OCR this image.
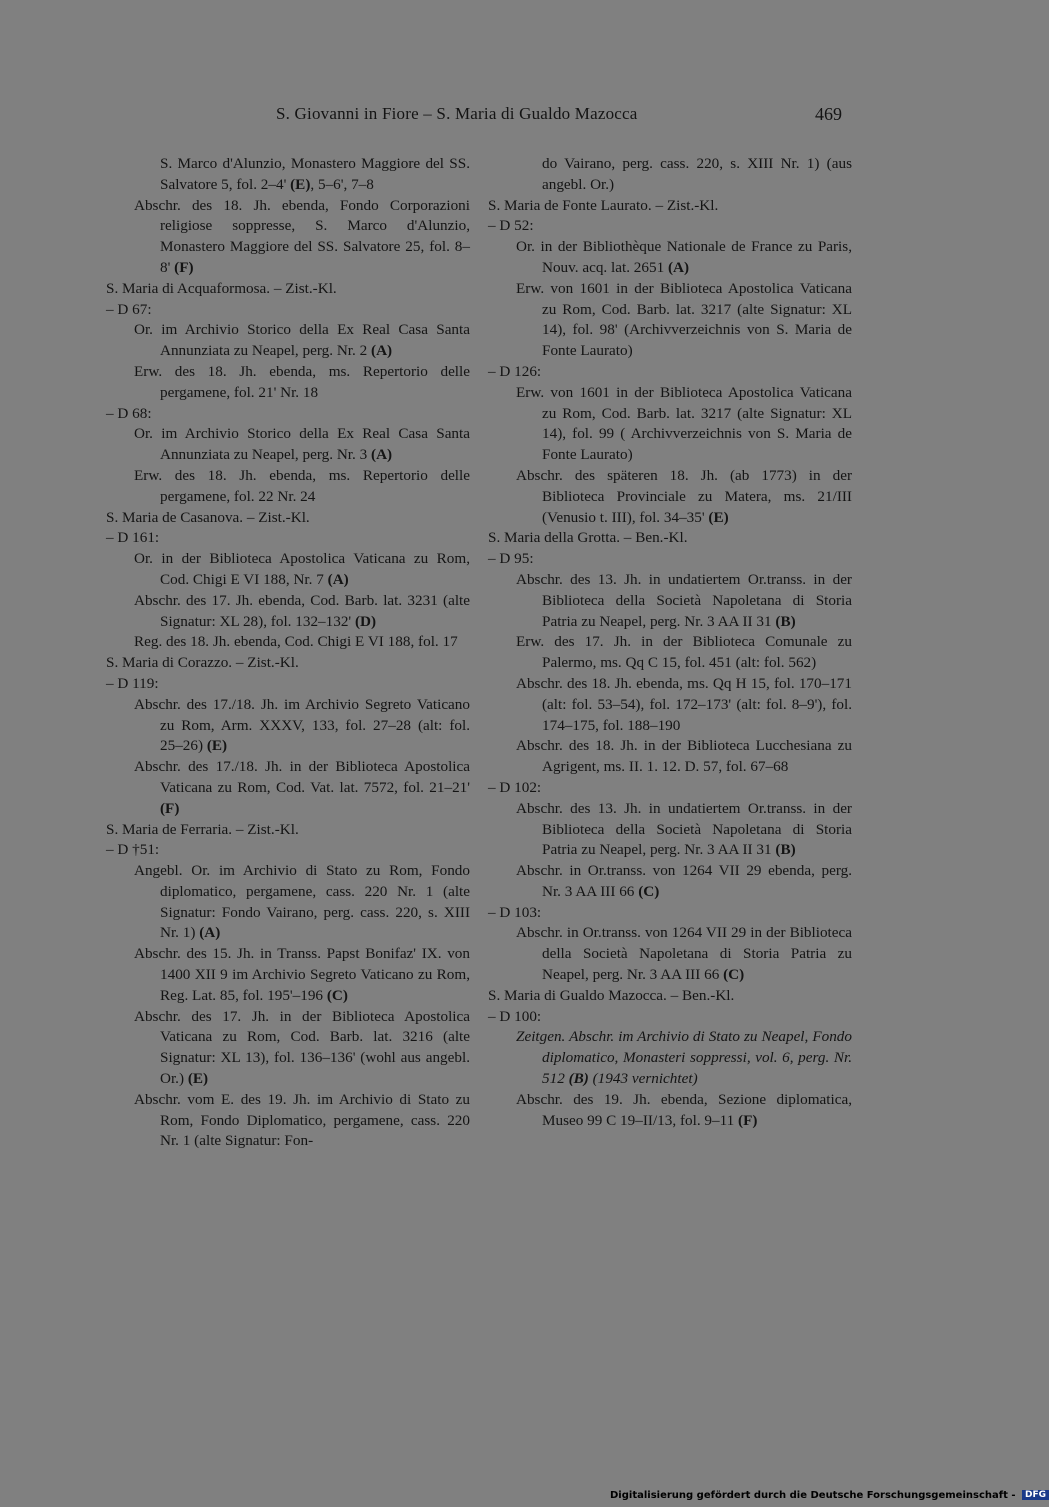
S. Giovanni in Fiore – S. Maria di Gualdo Mazocca	469

S. Marco d'Alunzio, Monastero Maggiore del SS. Salvatore 5, fol. 2–4' (E), 5–6', 7–8

Abschr. des 18. Jh. ebenda, Fondo Corporazioni religiose soppresse, S. Marco d'Alunzio, Monastero Maggiore del SS. Salvatore 25, fol. 8–8' (F)

S. Maria di Acquaformosa. – Zist.-Kl.

– D 67:

Or. im Archivio Storico della Ex Real Casa Santa Annunziata zu Neapel, perg. Nr. 2 (A)

Erw. des 18. Jh. ebenda, ms. Repertorio delle pergamene, fol. 21' Nr. 18

– D 68:

Or. im Archivio Storico della Ex Real Casa Santa Annunziata zu Neapel, perg. Nr. 3 (A)

Erw. des 18. Jh. ebenda, ms. Repertorio delle pergamene, fol. 22 Nr. 24

S. Maria de Casanova. – Zist.-Kl.

– D 161:

Or. in der Biblioteca Apostolica Vaticana zu Rom, Cod. Chigi E VI 188, Nr. 7 (A)

Abschr. des 17. Jh. ebenda, Cod. Barb. lat. 3231 (alte Signatur: XL 28), fol. 132–132' (D)

Reg. des 18. Jh. ebenda, Cod. Chigi E VI 188, fol. 17

S. Maria di Corazzo. – Zist.-Kl.

– D 119:

Abschr. des 17./18. Jh. im Archivio Segreto Vaticano zu Rom, Arm. XXXV, 133, fol. 27–28 (alt: fol. 25–26) (E)

Abschr. des 17./18. Jh. in der Biblioteca Apostolica Vaticana zu Rom, Cod. Vat. lat. 7572, fol. 21–21' (F)

S. Maria de Ferraria. – Zist.-Kl.

– D †51:

Angebl. Or. im Archivio di Stato zu Rom, Fondo diplomatico, pergamene, cass. 220 Nr. 1 (alte Signatur: Fondo Vairano, perg. cass. 220, s. XIII Nr. 1) (A)

Abschr. des 15. Jh. in Transs. Papst Bonifaz' IX. von 1400 XII 9 im Archivio Segreto Vaticano zu Rom, Reg. Lat. 85, fol. 195'–196 (C)

Abschr. des 17. Jh. in der Biblioteca Apostolica Vaticana zu Rom, Cod. Barb. lat. 3216 (alte Signatur: XL 13), fol. 136–136' (wohl aus angebl. Or.) (E)

Abschr. vom E. des 19. Jh. im Archivio di Stato zu Rom, Fondo Diplomatico, pergamene, cass. 220 Nr. 1 (alte Signatur: Fon-

do Vairano, perg. cass. 220, s. XIII Nr. 1) (aus angebl. Or.)

S. Maria de Fonte Laurato. – Zist.-Kl.

– D 52:

Or. in der Bibliothèque Nationale de France zu Paris, Nouv. acq. lat. 2651 (A)

Erw. von 1601 in der Biblioteca Apostolica Vaticana zu Rom, Cod. Barb. lat. 3217 (alte Signatur: XL 14), fol. 98' (Archivverzeichnis von S. Maria de Fonte Laurato)

– D 126:

Erw. von 1601 in der Biblioteca Apostolica Vaticana zu Rom, Cod. Barb. lat. 3217 (alte Signatur: XL 14), fol. 99 ( Archivverzeichnis von S. Maria de Fonte Laurato)

Abschr. des späteren 18. Jh. (ab 1773) in der Biblioteca Provinciale zu Matera, ms. 21/III (Venusio t. III), fol. 34–35' (E)

S. Maria della Grotta. – Ben.-Kl.

– D 95:

Abschr. des 13. Jh. in undatiertem Or.transs. in der Biblioteca della Società Napoletana di Storia Patria zu Neapel, perg. Nr. 3 AA II 31 (B)

Erw. des 17. Jh. in der Biblioteca Comunale zu Palermo, ms. Qq C 15, fol. 451 (alt: fol. 562)

Abschr. des 18. Jh. ebenda, ms. Qq H 15, fol. 170–171 (alt: fol. 53–54), fol. 172–173' (alt: fol. 8–9'), fol. 174–175, fol. 188–190

Abschr. des 18. Jh. in der Biblioteca Lucchesiana zu Agrigent, ms. II. 1. 12. D. 57, fol. 67–68

– D 102:

Abschr. des 13. Jh. in undatiertem Or.transs. in der Biblioteca della Società Napoletana di Storia Patria zu Neapel, perg. Nr. 3 AA II 31 (B)

Abschr. in Or.transs. von 1264 VII 29 ebenda, perg. Nr. 3 AA III 66 (C)

– D 103:

Abschr. in Or.transs. von 1264 VII 29 in der Biblioteca della Società Napoletana di Storia Patria zu Neapel, perg. Nr. 3 AA III 66 (C)

S. Maria di Gualdo Mazocca. – Ben.-Kl.

– D 100:

Zeitgen. Abschr. im Archivio di Stato zu Neapel, Fondo diplomatico, Monasteri soppressi, vol. 6, perg. Nr. 512 (B) (1943 vernichtet)

Abschr. des 19. Jh. ebenda, Sezione diplomatica, Museo 99 C 19–II/13, fol. 9–11 (F)

Digitalisierung gefördert durch die Deutsche Forschungsgemeinschaft - DFG
